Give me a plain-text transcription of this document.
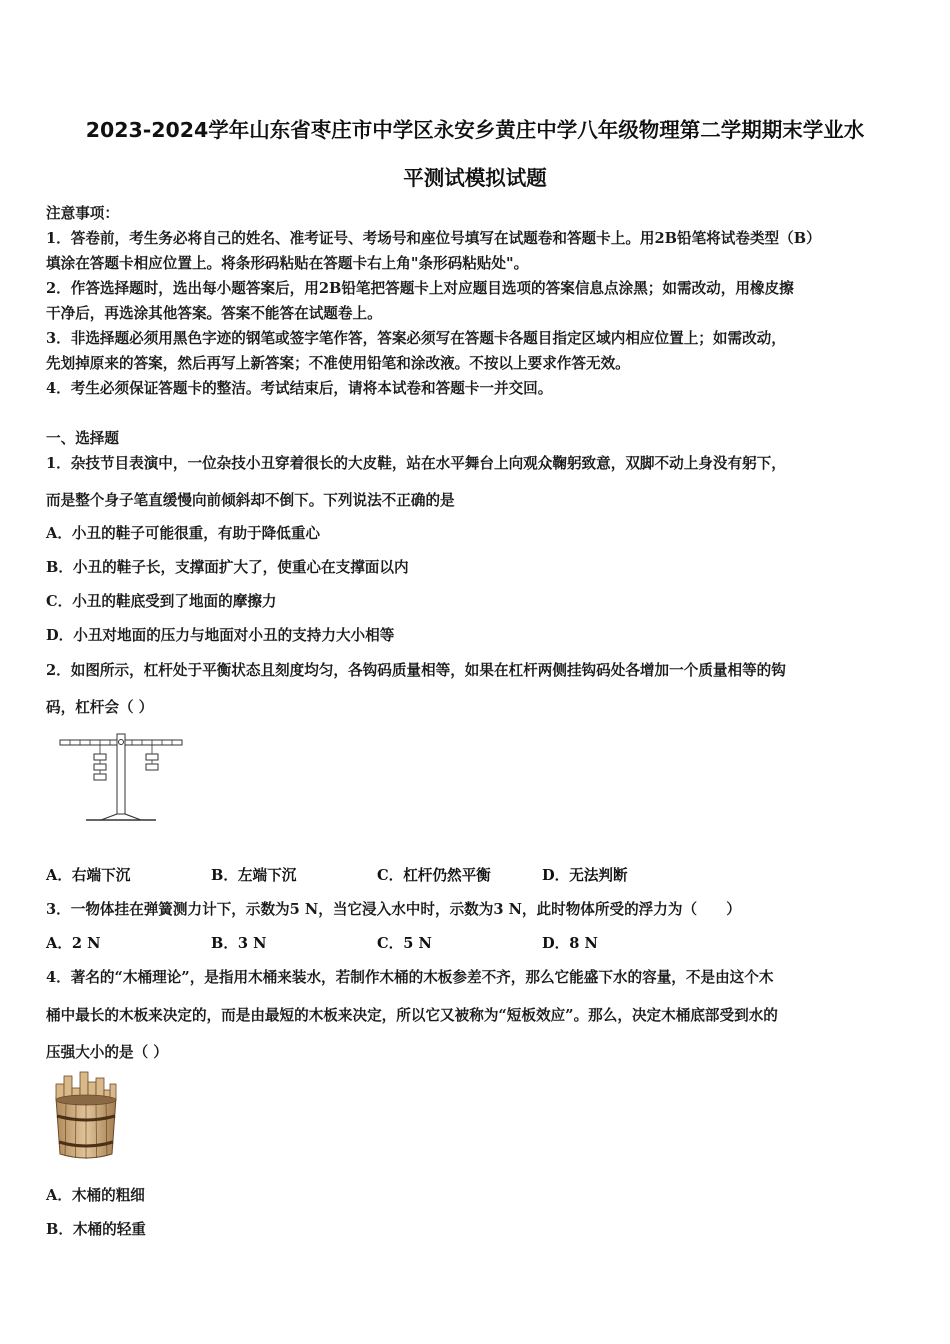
2023-2024学年山东省枣庄市中学区永安乡黄庄中学八年级物理第二学期期末学业水
平测试模拟试题
注意事项：
1．答卷前，考生务必将自己的姓名、准考证号、考场号和座位号填写在试题卷和答题卡上。用2B铅笔将试卷类型（B）
填涂在答题卡相应位置上。将条形码粘贴在答题卡右上角"条形码粘贴处"。
2．作答选择题时，选出每小题答案后，用2B铅笔把答题卡上对应题目选项的答案信息点涂黑；如需改动，用橡皮擦
干净后，再选涂其他答案。答案不能答在试题卷上。
3．非选择题必须用黑色字迹的钢笔或签字笔作答，答案必须写在答题卡各题目指定区域内相应位置上；如需改动，
先划掉原来的答案，然后再写上新答案；不准使用铅笔和涂改液。不按以上要求作答无效。
4．考生必须保证答题卡的整洁。考试结束后，请将本试卷和答题卡一并交回。
一、选择题
1．杂技节目表演中，一位杂技小丑穿着很长的大皮鞋，站在水平舞台上向观众鞠躬致意，双脚不动上身没有躬下，
而是整个身子笔直缓慢向前倾斜却不倒下。下列说法不正确的是
A．小丑的鞋子可能很重，有助于降低重心
B．小丑的鞋子长，支撑面扩大了，使重心在支撑面以内
C．小丑的鞋底受到了地面的摩擦力
D．小丑对地面的压力与地面对小丑的支持力大小相等
2．如图所示，杠杆处于平衡状态且刻度均匀，各钩码质量相等，如果在杠杆两侧挂钩码处各增加一个质量相等的钩
码，杠杆会（ ）
A．右端下沉	B．左端下沉	C．杠杆仍然平衡	D．无法判断
3．一物体挂在弹簧测力计下，示数为5 N，当它浸入水中时，示数为3 N，此时物体所受的浮力为（　　）
A．2 N	B．3 N	C．5 N	D．8 N
4．著名的“木桶理论”，是指用木桶来装水，若制作木桶的木板参差不齐，那么它能盛下水的容量，不是由这个木
桶中最长的木板来决定的，而是由最短的木板来决定，所以它又被称为“短板效应”。那么，决定木桶底部受到水的
压强大小的是（ ）
A．木桶的粗细
B．木桶的轻重
